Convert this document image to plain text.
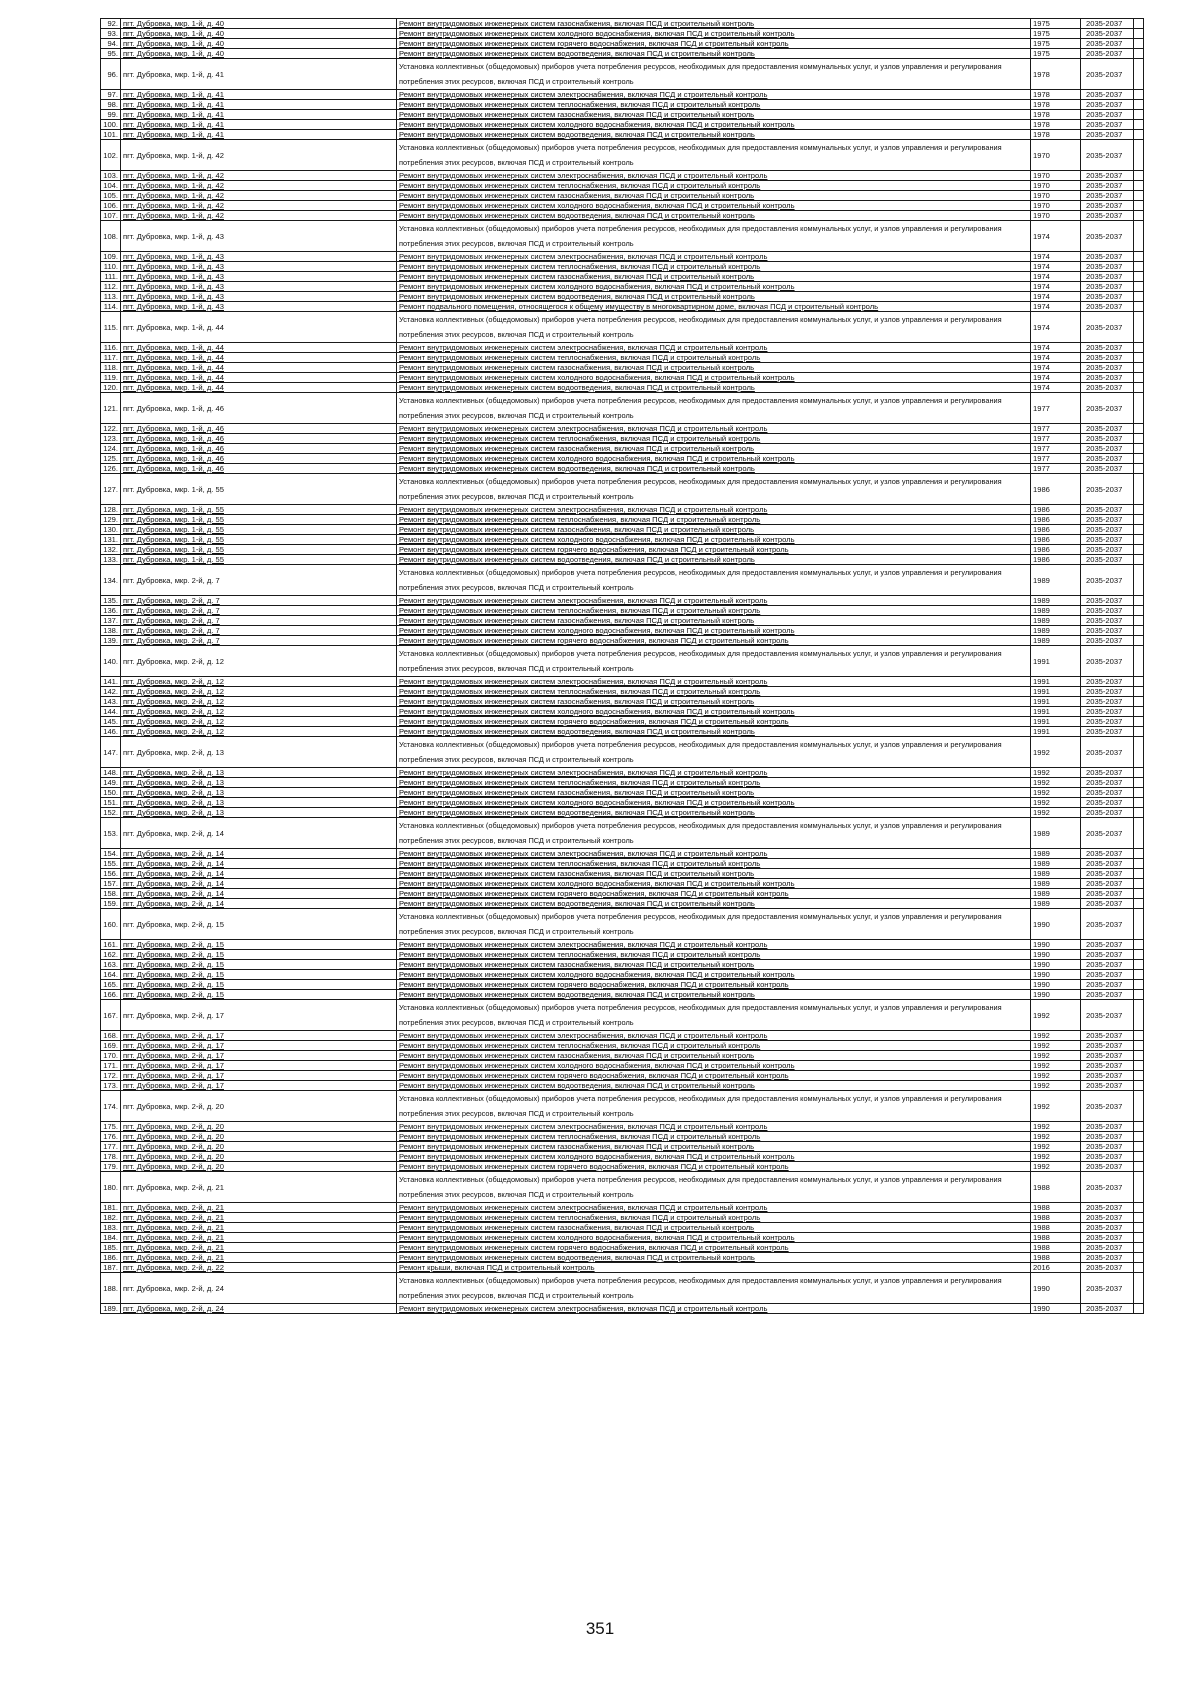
92.	пгт. Дубровка, мкр. 1-й, д. 40	Ремонт внутридомовых инженерных систем газоснабжения, включая ПСД и строительный контроль	1975	2035-2037	
93.	пгт. Дубровка, мкр. 1-й, д. 40	Ремонт внутридомовых инженерных систем холодного водоснабжения, включая ПСД и строительный контроль	1975	2035-2037	
94.	пгт. Дубровка, мкр. 1-й, д. 40	Ремонт внутридомовых инженерных систем горячего водоснабжения, включая ПСД и строительный контроль	1975	2035-2037	
95.	пгт. Дубровка, мкр. 1-й, д. 40	Ремонт внутридомовых инженерных систем водоотведения, включая ПСД и строительный контроль	1975	2035-2037	
96.	пгт. Дубровка, мкр. 1-й, д. 41	Установка коллективных (общедомовых) приборов учета потребления ресурсов, необходимых для предоставления коммунальных услуг, и узлов управления и регулирования потребления этих ресурсов, включая ПСД и строительный контроль	1978	2035-2037	
97.	пгт. Дубровка, мкр. 1-й, д. 41	Ремонт внутридомовых инженерных систем электроснабжения, включая ПСД и строительный контроль	1978	2035-2037	
98.	пгт. Дубровка, мкр. 1-й, д. 41	Ремонт внутридомовых инженерных систем теплоснабжения, включая ПСД и строительный контроль	1978	2035-2037	
99.	пгт. Дубровка, мкр. 1-й, д. 41	Ремонт внутридомовых инженерных систем газоснабжения, включая ПСД и строительный контроль	1978	2035-2037	
100.	пгт. Дубровка, мкр. 1-й, д. 41	Ремонт внутридомовых инженерных систем холодного водоснабжения, включая ПСД и строительный контроль	1978	2035-2037	
101.	пгт. Дубровка, мкр. 1-й, д. 41	Ремонт внутридомовых инженерных систем водоотведения, включая ПСД и строительный контроль	1978	2035-2037	
102.	пгт. Дубровка, мкр. 1-й, д. 42	Установка коллективных (общедомовых) приборов учета потребления ресурсов, необходимых для предоставления коммунальных услуг, и узлов управления и регулирования потребления этих ресурсов, включая ПСД и строительный контроль	1970	2035-2037	
103.	пгт. Дубровка, мкр. 1-й, д. 42	Ремонт внутридомовых инженерных систем электроснабжения, включая ПСД и строительный контроль	1970	2035-2037	
104.	пгт. Дубровка, мкр. 1-й, д. 42	Ремонт внутридомовых инженерных систем теплоснабжения, включая ПСД и строительный контроль	1970	2035-2037	
105.	пгт. Дубровка, мкр. 1-й, д. 42	Ремонт внутридомовых инженерных систем газоснабжения, включая ПСД и строительный контроль	1970	2035-2037	
106.	пгт. Дубровка, мкр. 1-й, д. 42	Ремонт внутридомовых инженерных систем холодного водоснабжения, включая ПСД и строительный контроль	1970	2035-2037	
107.	пгт. Дубровка, мкр. 1-й, д. 42	Ремонт внутридомовых инженерных систем водоотведения, включая ПСД и строительный контроль	1970	2035-2037	
108.	пгт. Дубровка, мкр. 1-й, д. 43	Установка коллективных (общедомовых) приборов учета потребления ресурсов, необходимых для предоставления коммунальных услуг, и узлов управления и регулирования потребления этих ресурсов, включая ПСД и строительный контроль	1974	2035-2037	
109.	пгт. Дубровка, мкр. 1-й, д. 43	Ремонт внутридомовых инженерных систем электроснабжения, включая ПСД и строительный контроль	1974	2035-2037	
110.	пгт. Дубровка, мкр. 1-й, д. 43	Ремонт внутридомовых инженерных систем теплоснабжения, включая ПСД и строительный контроль	1974	2035-2037	
111.	пгт. Дубровка, мкр. 1-й, д. 43	Ремонт внутридомовых инженерных систем газоснабжения, включая ПСД и строительный контроль	1974	2035-2037	
112.	пгт. Дубровка, мкр. 1-й, д. 43	Ремонт внутридомовых инженерных систем холодного водоснабжения, включая ПСД и строительный контроль	1974	2035-2037	
113.	пгт. Дубровка, мкр. 1-й, д. 43	Ремонт внутридомовых инженерных систем водоотведения, включая ПСД и строительный контроль	1974	2035-2037	
114.	пгт. Дубровка, мкр. 1-й, д. 43	Ремонт подвального помещения, относящегося к общему имуществу в многоквартирном доме, включая ПСД и строительный контроль	1974	2035-2037	
115.	пгт. Дубровка, мкр. 1-й, д. 44	Установка коллективных (общедомовых) приборов учета потребления ресурсов, необходимых для предоставления коммунальных услуг, и узлов управления и регулирования потребления этих ресурсов, включая ПСД и строительный контроль	1974	2035-2037	
116.	пгт. Дубровка, мкр. 1-й, д. 44	Ремонт внутридомовых инженерных систем электроснабжения, включая ПСД и строительный контроль	1974	2035-2037	
117.	пгт. Дубровка, мкр. 1-й, д. 44	Ремонт внутридомовых инженерных систем теплоснабжения, включая ПСД и строительный контроль	1974	2035-2037	
118.	пгт. Дубровка, мкр. 1-й, д. 44	Ремонт внутридомовых инженерных систем газоснабжения, включая ПСД и строительный контроль	1974	2035-2037	
119.	пгт. Дубровка, мкр. 1-й, д. 44	Ремонт внутридомовых инженерных систем холодного водоснабжения, включая ПСД и строительный контроль	1974	2035-2037	
120.	пгт. Дубровка, мкр. 1-й, д. 44	Ремонт внутридомовых инженерных систем водоотведения, включая ПСД и строительный контроль	1974	2035-2037	
121.	пгт. Дубровка, мкр. 1-й, д. 46	Установка коллективных (общедомовых) приборов учета потребления ресурсов, необходимых для предоставления коммунальных услуг, и узлов управления и регулирования потребления этих ресурсов, включая ПСД и строительный контроль	1977	2035-2037	
122.	пгт. Дубровка, мкр. 1-й, д. 46	Ремонт внутридомовых инженерных систем электроснабжения, включая ПСД и строительный контроль	1977	2035-2037	
123.	пгт. Дубровка, мкр. 1-й, д. 46	Ремонт внутридомовых инженерных систем теплоснабжения, включая ПСД и строительный контроль	1977	2035-2037	
124.	пгт. Дубровка, мкр. 1-й, д. 46	Ремонт внутридомовых инженерных систем газоснабжения, включая ПСД и строительный контроль	1977	2035-2037	
125.	пгт. Дубровка, мкр. 1-й, д. 46	Ремонт внутридомовых инженерных систем холодного водоснабжения, включая ПСД и строительный контроль	1977	2035-2037	
126.	пгт. Дубровка, мкр. 1-й, д. 46	Ремонт внутридомовых инженерных систем водоотведения, включая ПСД и строительный контроль	1977	2035-2037	
127.	пгт. Дубровка, мкр. 1-й, д. 55	Установка коллективных (общедомовых) приборов учета потребления ресурсов, необходимых для предоставления коммунальных услуг, и узлов управления и регулирования потребления этих ресурсов, включая ПСД и строительный контроль	1986	2035-2037	
128.	пгт. Дубровка, мкр. 1-й, д. 55	Ремонт внутридомовых инженерных систем электроснабжения, включая ПСД и строительный контроль	1986	2035-2037	
129.	пгт. Дубровка, мкр. 1-й, д. 55	Ремонт внутридомовых инженерных систем теплоснабжения, включая ПСД и строительный контроль	1986	2035-2037	
130.	пгт. Дубровка, мкр. 1-й, д. 55	Ремонт внутридомовых инженерных систем газоснабжения, включая ПСД и строительный контроль	1986	2035-2037	
131.	пгт. Дубровка, мкр. 1-й, д. 55	Ремонт внутридомовых инженерных систем холодного водоснабжения, включая ПСД и строительный контроль	1986	2035-2037	
132.	пгт. Дубровка, мкр. 1-й, д. 55	Ремонт внутридомовых инженерных систем горячего водоснабжения, включая ПСД и строительный контроль	1986	2035-2037	
133.	пгт. Дубровка, мкр. 1-й, д. 55	Ремонт внутридомовых инженерных систем водоотведения, включая ПСД и строительный контроль	1986	2035-2037	
134.	пгт. Дубровка, мкр. 2-й, д. 7	Установка коллективных (общедомовых) приборов учета потребления ресурсов, необходимых для предоставления коммунальных услуг, и узлов управления и регулирования потребления этих ресурсов, включая ПСД и строительный контроль	1989	2035-2037	
135.	пгт. Дубровка, мкр. 2-й, д. 7	Ремонт внутридомовых инженерных систем электроснабжения, включая ПСД и строительный контроль	1989	2035-2037	
136.	пгт. Дубровка, мкр. 2-й, д. 7	Ремонт внутридомовых инженерных систем теплоснабжения, включая ПСД и строительный контроль	1989	2035-2037	
137.	пгт. Дубровка, мкр. 2-й, д. 7	Ремонт внутридомовых инженерных систем газоснабжения, включая ПСД и строительный контроль	1989	2035-2037	
138.	пгт. Дубровка, мкр. 2-й, д. 7	Ремонт внутридомовых инженерных систем холодного водоснабжения, включая ПСД и строительный контроль	1989	2035-2037	
139.	пгт. Дубровка, мкр. 2-й, д. 7	Ремонт внутридомовых инженерных систем горячего водоснабжения, включая ПСД и строительный контроль	1989	2035-2037	
140.	пгт. Дубровка, мкр. 2-й, д. 12	Установка коллективных (общедомовых) приборов учета потребления ресурсов, необходимых для предоставления коммунальных услуг, и узлов управления и регулирования потребления этих ресурсов, включая ПСД и строительный контроль	1991	2035-2037	
141.	пгт. Дубровка, мкр. 2-й, д. 12	Ремонт внутридомовых инженерных систем электроснабжения, включая ПСД и строительный контроль	1991	2035-2037	
142.	пгт. Дубровка, мкр. 2-й, д. 12	Ремонт внутридомовых инженерных систем теплоснабжения, включая ПСД и строительный контроль	1991	2035-2037	
143.	пгт. Дубровка, мкр. 2-й, д. 12	Ремонт внутридомовых инженерных систем газоснабжения, включая ПСД и строительный контроль	1991	2035-2037	
144.	пгт. Дубровка, мкр. 2-й, д. 12	Ремонт внутридомовых инженерных систем холодного водоснабжения, включая ПСД и строительный контроль	1991	2035-2037	
145.	пгт. Дубровка, мкр. 2-й, д. 12	Ремонт внутридомовых инженерных систем горячего водоснабжения, включая ПСД и строительный контроль	1991	2035-2037	
146.	пгт. Дубровка, мкр. 2-й, д. 12	Ремонт внутридомовых инженерных систем водоотведения, включая ПСД и строительный контроль	1991	2035-2037	
147.	пгт. Дубровка, мкр. 2-й, д. 13	Установка коллективных (общедомовых) приборов учета потребления ресурсов, необходимых для предоставления коммунальных услуг, и узлов управления и регулирования потребления этих ресурсов, включая ПСД и строительный контроль	1992	2035-2037	
148.	пгт. Дубровка, мкр. 2-й, д. 13	Ремонт внутридомовых инженерных систем электроснабжения, включая ПСД и строительный контроль	1992	2035-2037	
149.	пгт. Дубровка, мкр. 2-й, д. 13	Ремонт внутридомовых инженерных систем теплоснабжения, включая ПСД и строительный контроль	1992	2035-2037	
150.	пгт. Дубровка, мкр. 2-й, д. 13	Ремонт внутридомовых инженерных систем газоснабжения, включая ПСД и строительный контроль	1992	2035-2037	
151.	пгт. Дубровка, мкр. 2-й, д. 13	Ремонт внутридомовых инженерных систем холодного водоснабжения, включая ПСД и строительный контроль	1992	2035-2037	
152.	пгт. Дубровка, мкр. 2-й, д. 13	Ремонт внутридомовых инженерных систем водоотведения, включая ПСД и строительный контроль	1992	2035-2037	
153.	пгт. Дубровка, мкр. 2-й, д. 14	Установка коллективных (общедомовых) приборов учета потребления ресурсов, необходимых для предоставления коммунальных услуг, и узлов управления и регулирования потребления этих ресурсов, включая ПСД и строительный контроль	1989	2035-2037	
154.	пгт. Дубровка, мкр. 2-й, д. 14	Ремонт внутридомовых инженерных систем электроснабжения, включая ПСД и строительный контроль	1989	2035-2037	
155.	пгт. Дубровка, мкр. 2-й, д. 14	Ремонт внутридомовых инженерных систем теплоснабжения, включая ПСД и строительный контроль	1989	2035-2037	
156.	пгт. Дубровка, мкр. 2-й, д. 14	Ремонт внутридомовых инженерных систем газоснабжения, включая ПСД и строительный контроль	1989	2035-2037	
157.	пгт. Дубровка, мкр. 2-й, д. 14	Ремонт внутридомовых инженерных систем холодного водоснабжения, включая ПСД и строительный контроль	1989	2035-2037	
158.	пгт. Дубровка, мкр. 2-й, д. 14	Ремонт внутридомовых инженерных систем горячего водоснабжения, включая ПСД и строительный контроль	1989	2035-2037	
159.	пгт. Дубровка, мкр. 2-й, д. 14	Ремонт внутридомовых инженерных систем водоотведения, включая ПСД и строительный контроль	1989	2035-2037	
160.	пгт. Дубровка, мкр. 2-й, д. 15	Установка коллективных (общедомовых) приборов учета потребления ресурсов, необходимых для предоставления коммунальных услуг, и узлов управления и регулирования потребления этих ресурсов, включая ПСД и строительный контроль	1990	2035-2037	
161.	пгт. Дубровка, мкр. 2-й, д. 15	Ремонт внутридомовых инженерных систем электроснабжения, включая ПСД и строительный контроль	1990	2035-2037	
162.	пгт. Дубровка, мкр. 2-й, д. 15	Ремонт внутридомовых инженерных систем теплоснабжения, включая ПСД и строительный контроль	1990	2035-2037	
163.	пгт. Дубровка, мкр. 2-й, д. 15	Ремонт внутридомовых инженерных систем газоснабжения, включая ПСД и строительный контроль	1990	2035-2037	
164.	пгт. Дубровка, мкр. 2-й, д. 15	Ремонт внутридомовых инженерных систем холодного водоснабжения, включая ПСД и строительный контроль	1990	2035-2037	
165.	пгт. Дубровка, мкр. 2-й, д. 15	Ремонт внутридомовых инженерных систем горячего водоснабжения, включая ПСД и строительный контроль	1990	2035-2037	
166.	пгт. Дубровка, мкр. 2-й, д. 15	Ремонт внутридомовых инженерных систем водоотведения, включая ПСД и строительный контроль	1990	2035-2037	
167.	пгт. Дубровка, мкр. 2-й, д. 17	Установка коллективных (общедомовых) приборов учета потребления ресурсов, необходимых для предоставления коммунальных услуг, и узлов управления и регулирования потребления этих ресурсов, включая ПСД и строительный контроль	1992	2035-2037	
168.	пгт. Дубровка, мкр. 2-й, д. 17	Ремонт внутридомовых инженерных систем электроснабжения, включая ПСД и строительный контроль	1992	2035-2037	
169.	пгт. Дубровка, мкр. 2-й, д. 17	Ремонт внутридомовых инженерных систем теплоснабжения, включая ПСД и строительный контроль	1992	2035-2037	
170.	пгт. Дубровка, мкр. 2-й, д. 17	Ремонт внутридомовых инженерных систем газоснабжения, включая ПСД и строительный контроль	1992	2035-2037	
171.	пгт. Дубровка, мкр. 2-й, д. 17	Ремонт внутридомовых инженерных систем холодного водоснабжения, включая ПСД и строительный контроль	1992	2035-2037	
172.	пгт. Дубровка, мкр. 2-й, д. 17	Ремонт внутридомовых инженерных систем горячего водоснабжения, включая ПСД и строительный контроль	1992	2035-2037	
173.	пгт. Дубровка, мкр. 2-й, д. 17	Ремонт внутридомовых инженерных систем водоотведения, включая ПСД и строительный контроль	1992	2035-2037	
174.	пгт. Дубровка, мкр. 2-й, д. 20	Установка коллективных (общедомовых) приборов учета потребления ресурсов, необходимых для предоставления коммунальных услуг, и узлов управления и регулирования потребления этих ресурсов, включая ПСД и строительный контроль	1992	2035-2037	
175.	пгт. Дубровка, мкр. 2-й, д. 20	Ремонт внутридомовых инженерных систем электроснабжения, включая ПСД и строительный контроль	1992	2035-2037	
176.	пгт. Дубровка, мкр. 2-й, д. 20	Ремонт внутридомовых инженерных систем теплоснабжения, включая ПСД и строительный контроль	1992	2035-2037	
177.	пгт. Дубровка, мкр. 2-й, д. 20	Ремонт внутридомовых инженерных систем газоснабжения, включая ПСД и строительный контроль	1992	2035-2037	
178.	пгт. Дубровка, мкр. 2-й, д. 20	Ремонт внутридомовых инженерных систем холодного водоснабжения, включая ПСД и строительный контроль	1992	2035-2037	
179.	пгт. Дубровка, мкр. 2-й, д. 20	Ремонт внутридомовых инженерных систем горячего водоснабжения, включая ПСД и строительный контроль	1992	2035-2037	
180.	пгт. Дубровка, мкр. 2-й, д. 21	Установка коллективных (общедомовых) приборов учета потребления ресурсов, необходимых для предоставления коммунальных услуг, и узлов управления и регулирования потребления этих ресурсов, включая ПСД и строительный контроль	1988	2035-2037	
181.	пгт. Дубровка, мкр. 2-й, д. 21	Ремонт внутридомовых инженерных систем электроснабжения, включая ПСД и строительный контроль	1988	2035-2037	
182.	пгт. Дубровка, мкр. 2-й, д. 21	Ремонт внутридомовых инженерных систем теплоснабжения, включая ПСД и строительный контроль	1988	2035-2037	
183.	пгт. Дубровка, мкр. 2-й, д. 21	Ремонт внутридомовых инженерных систем газоснабжения, включая ПСД и строительный контроль	1988	2035-2037	
184.	пгт. Дубровка, мкр. 2-й, д. 21	Ремонт внутридомовых инженерных систем холодного водоснабжения, включая ПСД и строительный контроль	1988	2035-2037	
185.	пгт. Дубровка, мкр. 2-й, д. 21	Ремонт внутридомовых инженерных систем горячего водоснабжения, включая ПСД и строительный контроль	1988	2035-2037	
186.	пгт. Дубровка, мкр. 2-й, д. 21	Ремонт внутридомовых инженерных систем водоотведения, включая ПСД и строительный контроль	1988	2035-2037	
187.	пгт. Дубровка, мкр. 2-й, д. 22	Ремонт крыши, включая ПСД и строительный контроль	2016	2035-2037	
188.	пгт. Дубровка, мкр. 2-й, д. 24	Установка коллективных (общедомовых) приборов учета потребления ресурсов, необходимых для предоставления коммунальных услуг, и узлов управления и регулирования потребления этих ресурсов, включая ПСД и строительный контроль	1990	2035-2037	
189.	пгт. Дубровка, мкр. 2-й, д. 24	Ремонт внутридомовых инженерных систем электроснабжения, включая ПСД и строительный контроль	1990	2035-2037	
351
